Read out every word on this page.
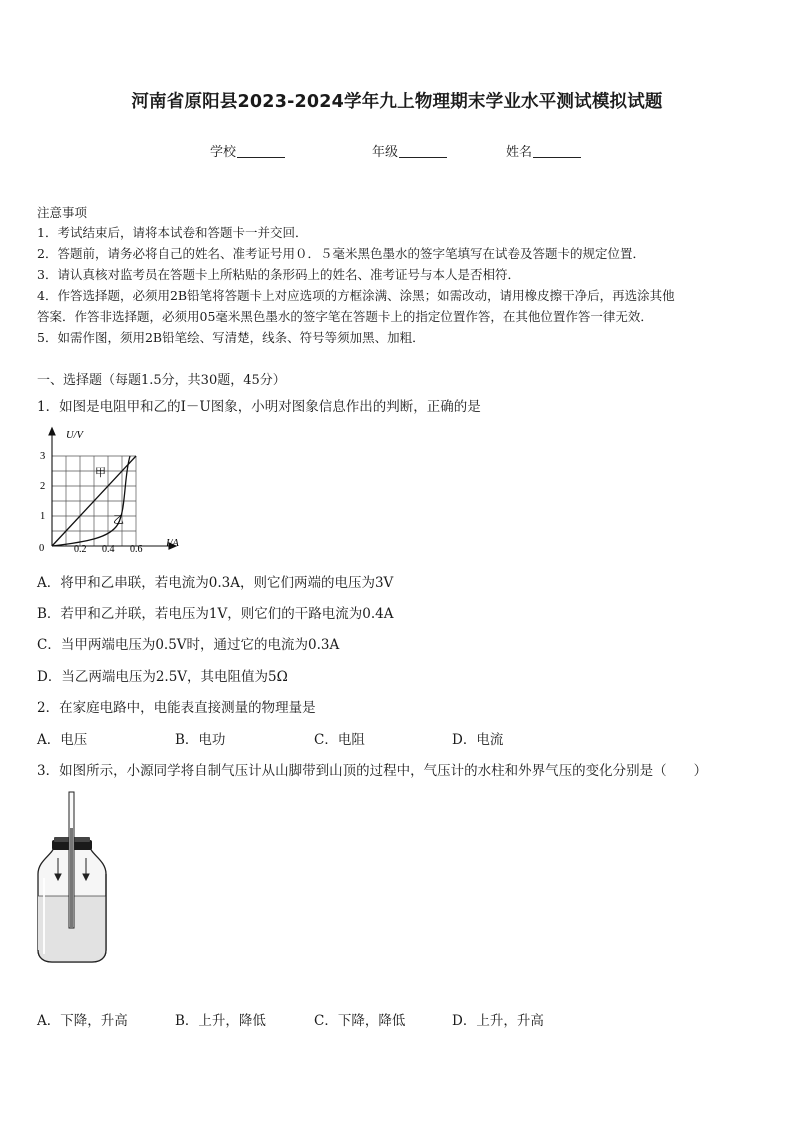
河南省原阳县2023-2024学年九上物理期末学业水平测试模拟试题
学校	年级	姓名
注意事项
1．考试结束后，请将本试卷和答题卡一并交回．
2．答题前，请务必将自己的姓名、准考证号用０．５毫米黑色墨水的签字笔填写在试卷及答题卡的规定位置．
3．请认真核对监考员在答题卡上所粘贴的条形码上的姓名、准考证号与本人是否相符．
4．作答选择题，必须用2B铅笔将答题卡上对应选项的方框涂满、涂黑；如需改动，请用橡皮擦干净后，再选涂其他
答案．作答非选择题，必须用05毫米黑色墨水的签字笔在答题卡上的指定位置作答，在其他位置作答一律无效．
5．如需作图，须用2B铅笔绘、写清楚，线条、符号等须加黑、加粗．
一、选择题（每题1.5分，共30题，45分）
1．如图是电阻甲和乙的I－U图象，小明对图象信息作出的判断，正确的是
U/V
I/A
0
1
2
3
0.2 0.4 0.6
甲
乙
A．将甲和乙串联，若电流为0.3A，则它们两端的电压为3V
B．若甲和乙并联，若电压为1V，则它们的干路电流为0.4A
C．当甲两端电压为0.5V时，通过它的电流为0.3A
D．当乙两端电压为2.5V，其电阻值为5Ω
2．在家庭电路中，电能表直接测量的物理量是
A．电压	B．电功	C．电阻	D．电流
3．如图所示，小源同学将自制气压计从山脚带到山顶的过程中，气压计的水柱和外界气压的变化分别是（　　）
A．下降，升高	B．上升，降低	C．下降，降低	D．上升，升高
